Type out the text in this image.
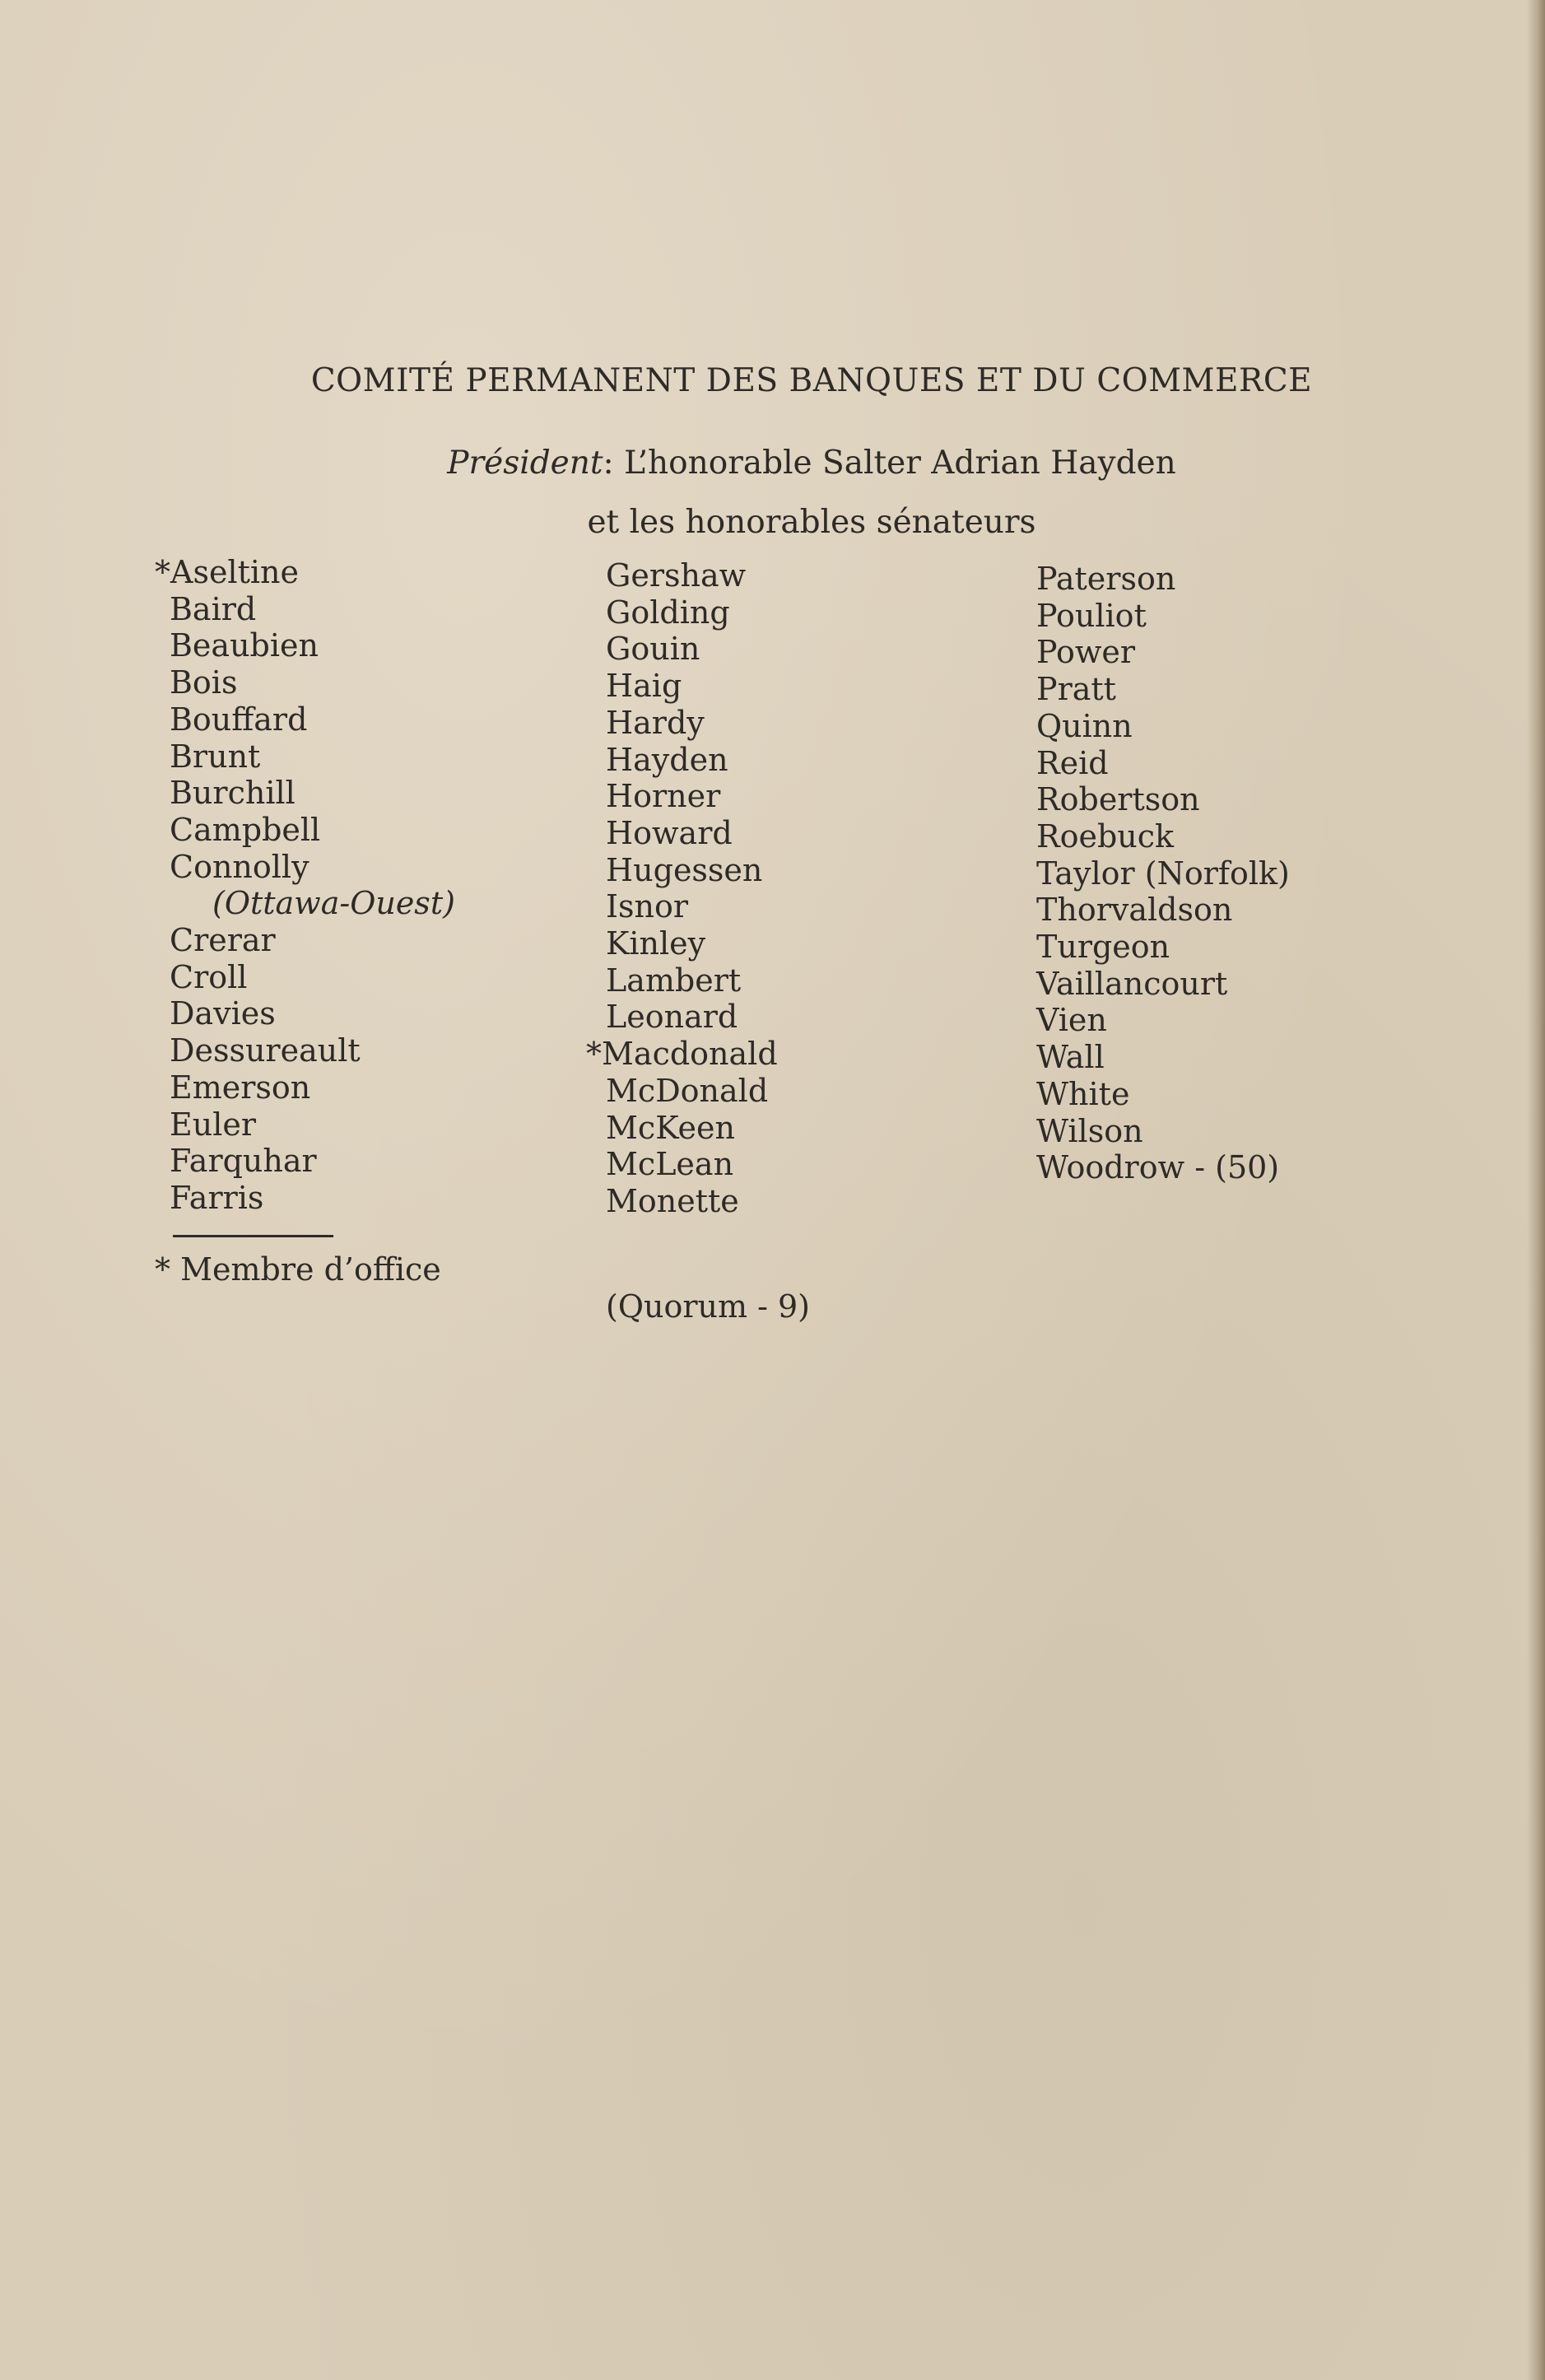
COMITÉ PERMANENT DES BANQUES ET DU COMMERCE
Président: L’honorable Salter Adrian Hayden
et les honorables sénateurs
*Aseltine
Baird
Beaubien
Bois
Bouffard
Brunt
Burchill
Campbell
Connolly
(Ottawa-Ouest)
Crerar
Croll
Davies
Dessureault
Emerson
Euler
Farquhar
Farris
Gershaw
Golding
Gouin
Haig
Hardy
Hayden
Horner
Howard
Hugessen
Isnor
Kinley
Lambert
Leonard
*Macdonald
McDonald
McKeen
McLean
Monette
Paterson
Pouliot
Power
Pratt
Quinn
Reid
Robertson
Roebuck
Taylor (Norfolk)
Thorvaldson
Turgeon
Vaillancourt
Vien
Wall
White
Wilson
Woodrow - (50)
* Membre d’office
(Quorum - 9)
